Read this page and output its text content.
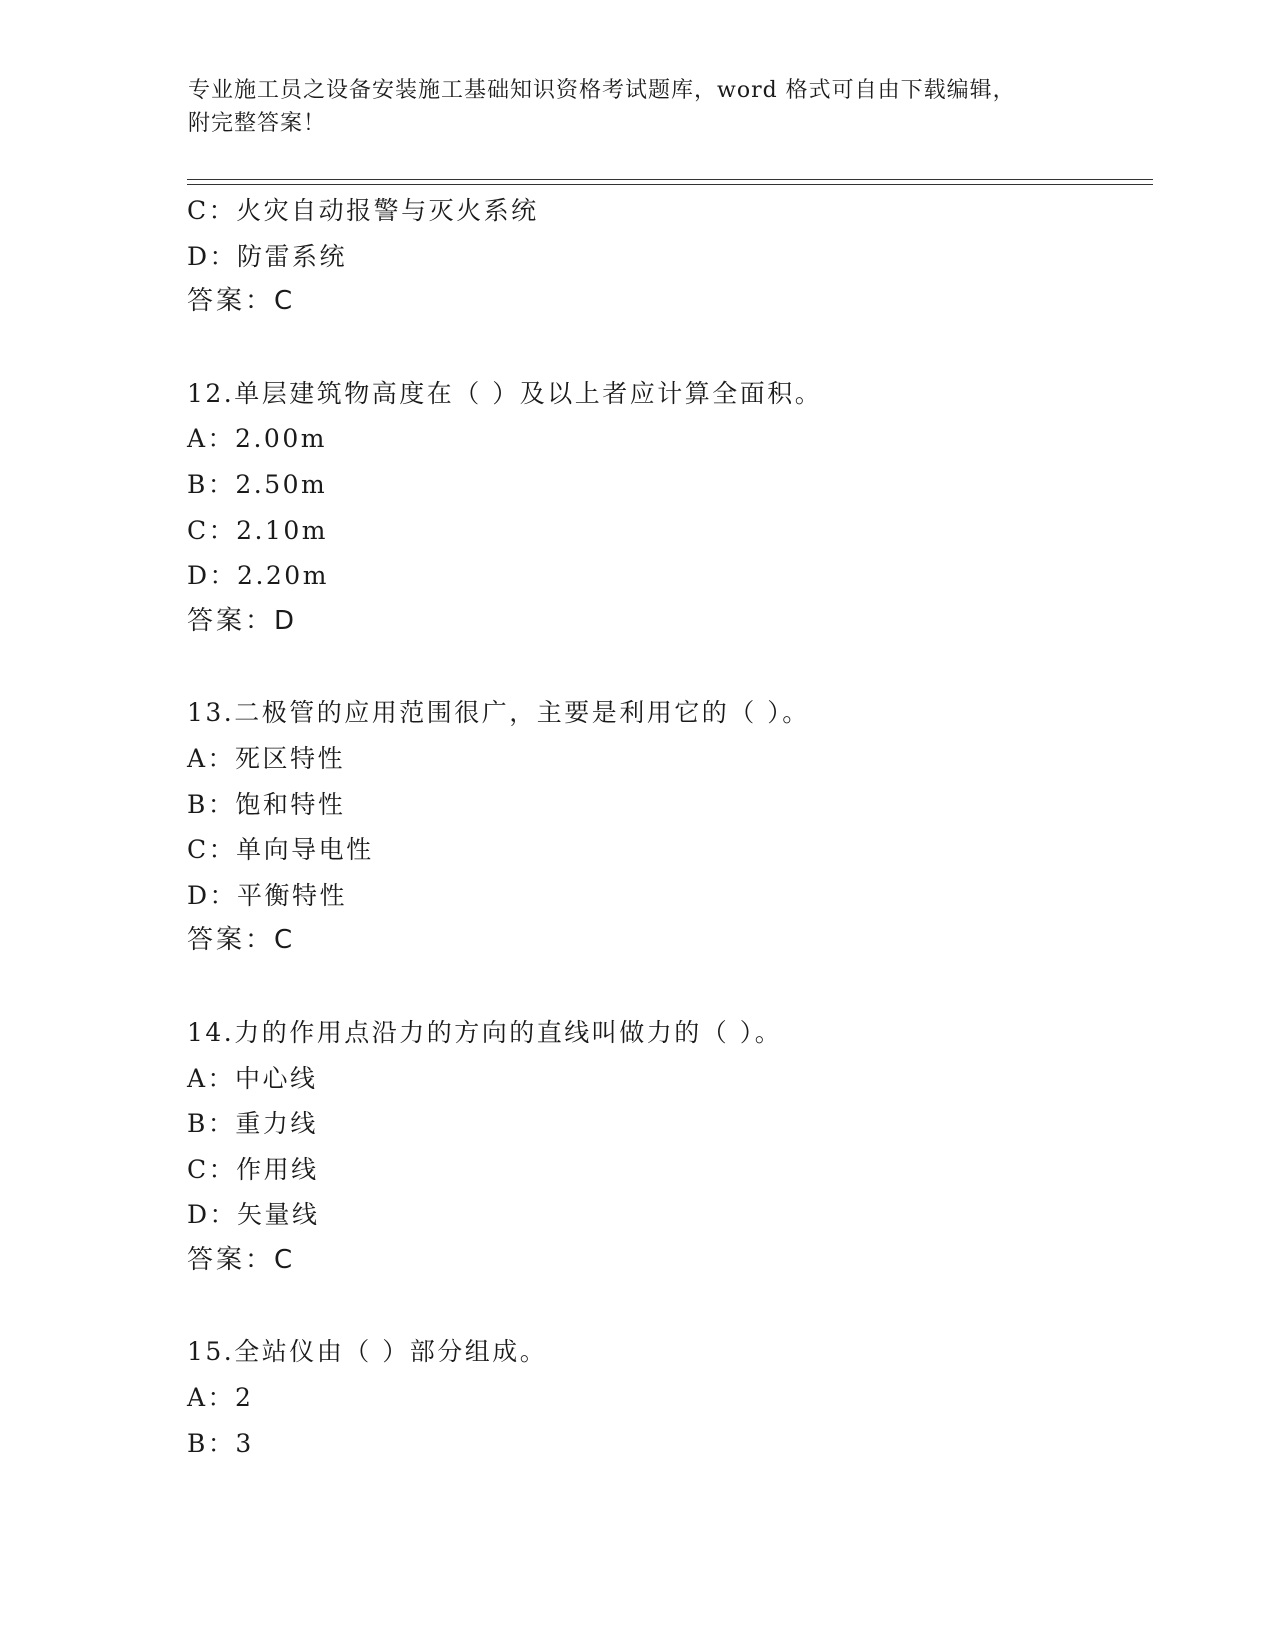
专业施工员之设备安装施工基础知识资格考试题库，word 格式可自由下载编辑，
附完整答案！
C：火灾自动报警与灭火系统
D：防雷系统
答案：C
12.单层建筑物高度在（ ）及以上者应计算全面积。
A：2.00m
B：2.50m
C：2.10m
D：2.20m
答案：D
13.二极管的应用范围很广，主要是利用它的（ ）。
A：死区特性
B：饱和特性
C：单向导电性
D：平衡特性
答案：C
14.力的作用点沿力的方向的直线叫做力的（ ）。
A：中心线
B：重力线
C：作用线
D：矢量线
答案：C
15.全站仪由（ ）部分组成。
A：2
B：3
